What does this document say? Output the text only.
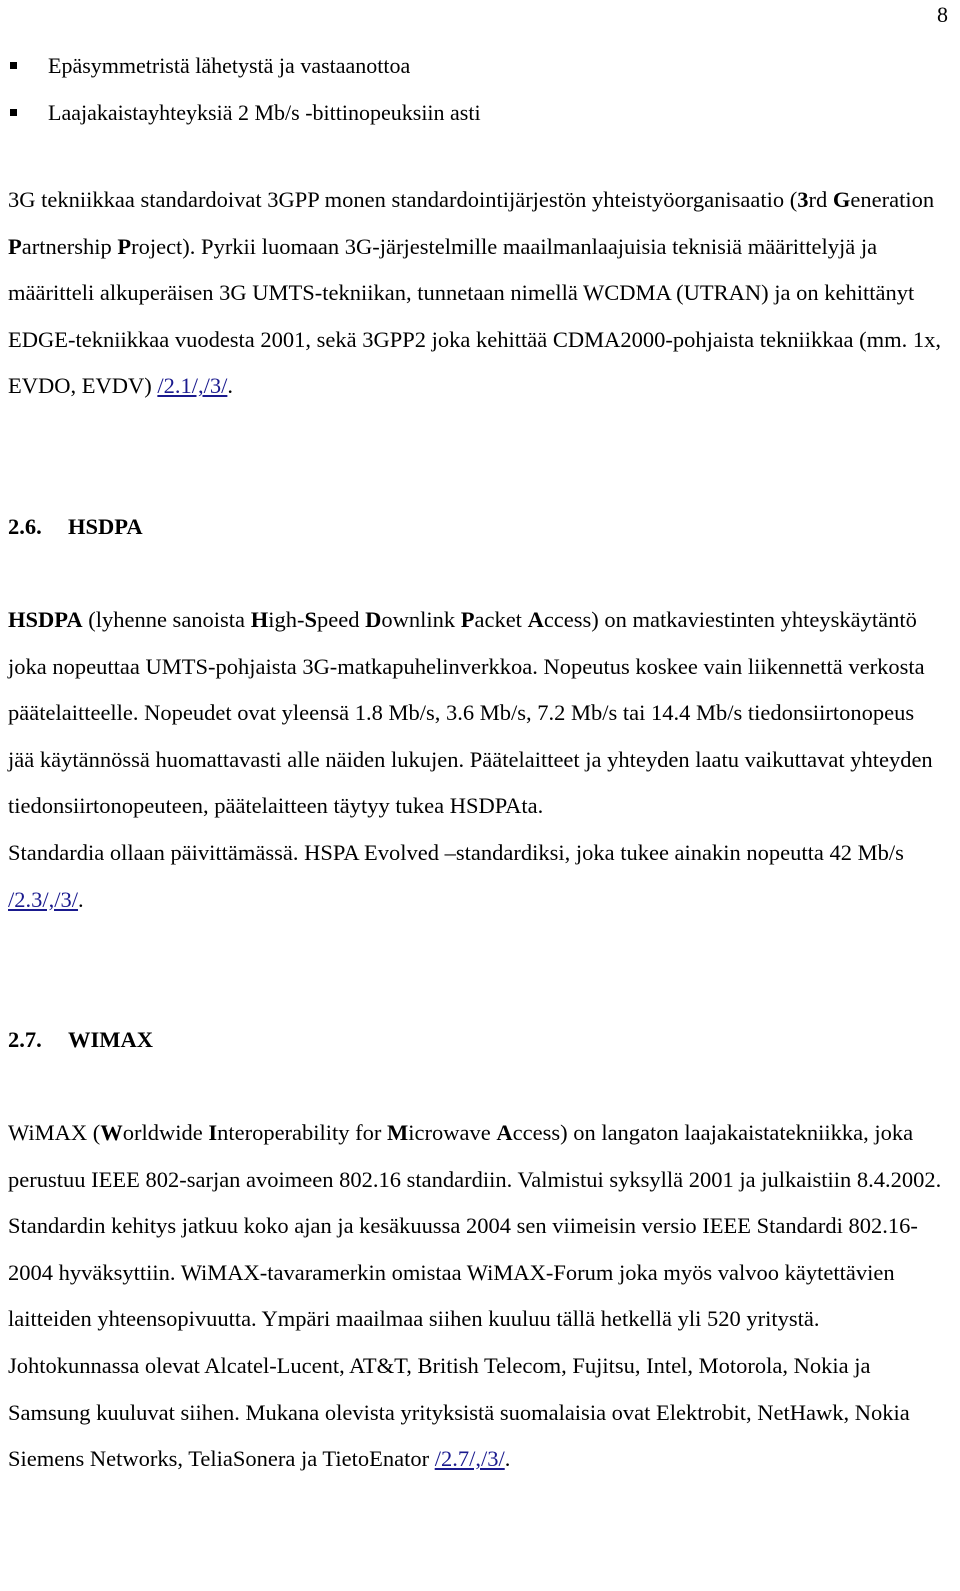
8
Epäsymmetristä lähetystä ja vastaanottoa
Laajakaistayhteyksiä 2 Mb/s -bittinopeuksiin asti

3G tekniikkaa standardoivat 3GPP monen standardointijärjestön yhteistyöorganisaatio (3rd Generation Partnership Project). Pyrkii luomaan 3G-järjestelmille maailmanlaajuisia teknisiä määrittelyjä ja määritteli alkuperäisen 3G UMTS-tekniikan, tunnetaan nimellä WCDMA (UTRAN) ja on kehittänyt EDGE-tekniikkaa vuodesta 2001, sekä 3GPP2 joka kehittää CDMA2000-pohjaista tekniikkaa (mm. 1x, EVDO, EVDV) /2.1/,/3/.

2.6. HSDPA

HSDPA (lyhenne sanoista High-Speed Downlink Packet Access) on matkaviestinten yhteyskäytäntö joka nopeuttaa UMTS-pohjaista 3G-matkapuhelinverkkoa. Nopeutus koskee vain liikennettä verkosta päätelaitteelle. Nopeudet ovat yleensä 1.8 Mb/s, 3.6 Mb/s, 7.2 Mb/s tai 14.4 Mb/s tiedonsiirtonopeus jää käytännössä huomattavasti alle näiden lukujen. Päätelaitteet ja yhteyden laatu vaikuttavat yhteyden tiedonsiirtonopeuteen, päätelaitteen täytyy tukea HSDPAta.
Standardia ollaan päivittämässä. HSPA Evolved –standardiksi, joka tukee ainakin nopeutta 42 Mb/s /2.3/,/3/.

2.7. WIMAX

WiMAX (Worldwide Interoperability for Microwave Access) on langaton laajakaistatekniikka, joka perustuu IEEE 802-sarjan avoimeen 802.16 standardiin. Valmistui syksyllä 2001 ja julkaistiin 8.4.2002. Standardin kehitys jatkuu koko ajan ja kesäkuussa 2004 sen viimeisin versio IEEE Standardi 802.16-2004 hyväksyttiin. WiMAX-tavaramerkin omistaa WiMAX-Forum joka myös valvoo käytettävien laitteiden yhteensopivuutta. Ympäri maailmaa siihen kuuluu tällä hetkellä yli 520 yritystä. Johtokunnassa olevat Alcatel-Lucent, AT&T, British Telecom, Fujitsu, Intel, Motorola, Nokia ja Samsung kuuluvat siihen. Mukana olevista yrityksistä suomalaisia ovat Elektrobit, NetHawk, Nokia Siemens Networks, TeliaSonera ja TietoEnator /2.7/,/3/.
